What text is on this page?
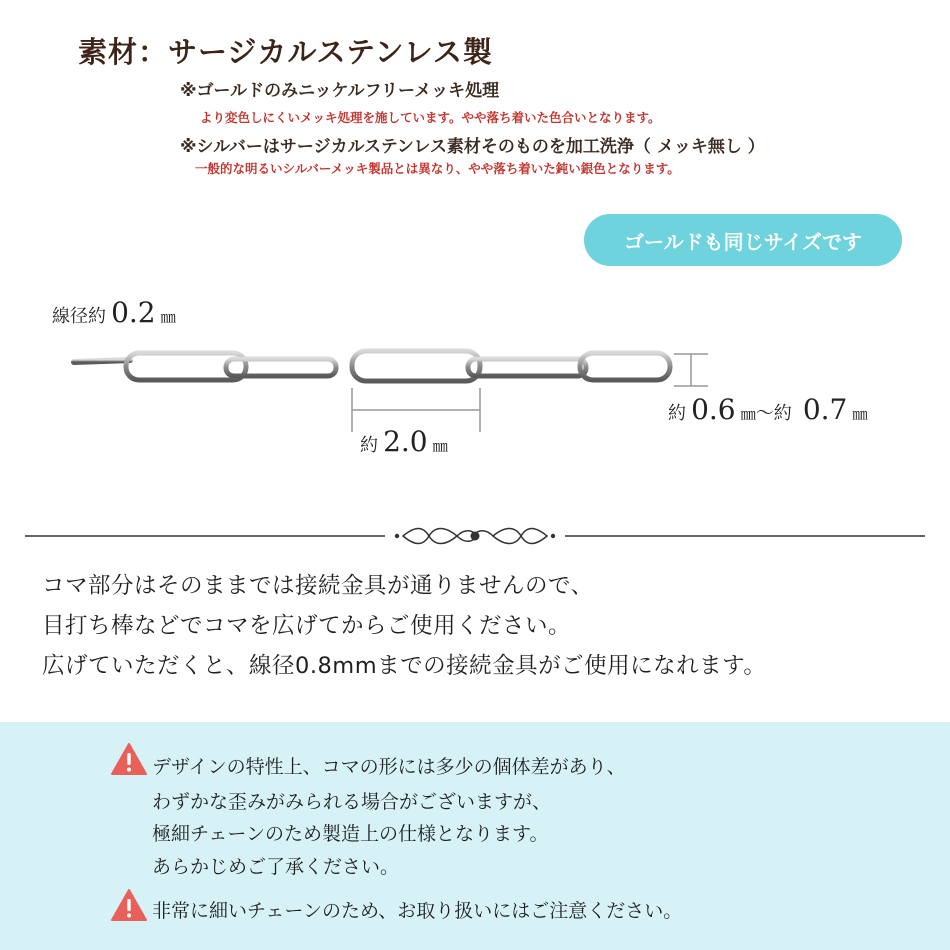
素材：サージカルステンレス製
※ゴールドのみニッケルフリーメッキ処理
より変色しにくいメッキ処理を施しています。やや落ち着いた色合いとなります。
※シルバーはサージカルステンレス素材そのものを加工洗浄（ メッキ無し ）
一般的な明るいシルバーメッキ製品とは異なり、やや落ち着いた鈍い銀色となります。
ゴールドも同じサイズです
線径約 0.2 ㎜
約 0.6 ㎜～約 0.7 ㎜
約 2.0 ㎜
コマ部分はそのままでは接続金具が通りませんので、
目打ち棒などでコマを広げてからご使用ください。
広げていただくと、線径0.8mmまでの接続金具がご使用になれます。
デザインの特性上、コマの形には多少の個体差があり、
わずかな歪みがみられる場合がございますが、
極細チェーンのため製造上の仕様となります。
あらかじめご了承ください。
非常に細いチェーンのため、お取り扱いにはご注意ください。
